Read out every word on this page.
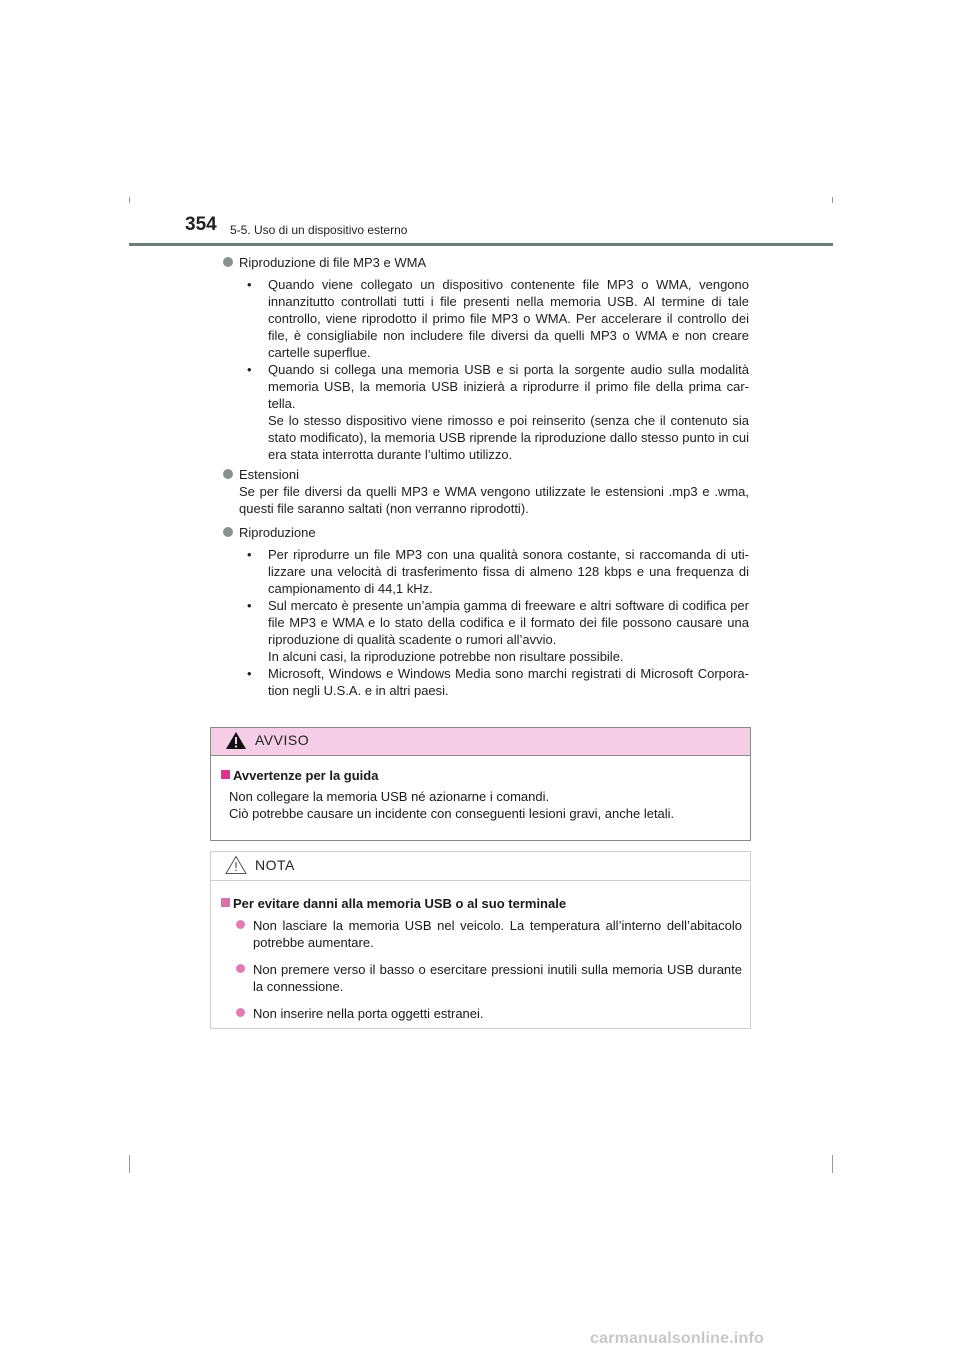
354 5-5. Uso di un dispositivo esterno
Riproduzione di file MP3 e WMA
• Quando viene collegato un dispositivo contenente file MP3 o WMA, vengono innanzitutto controllati tutti i file presenti nella memoria USB. Al termine di tale controllo, viene riprodotto il primo file MP3 o WMA. Per accelerare il controllo dei file, è consigliabile non includere file diversi da quelli MP3 o WMA e non creare cartelle superflue.
• Quando si collega una memoria USB e si porta la sorgente audio sulla modalità memoria USB, la memoria USB inizierà a riprodurre il primo file della prima car-tella.
Se lo stesso dispositivo viene rimosso e poi reinserito (senza che il contenuto sia stato modificato), la memoria USB riprende la riproduzione dallo stesso punto in cui era stata interrotta durante l’ultimo utilizzo.
Estensioni
Se per file diversi da quelli MP3 e WMA vengono utilizzate le estensioni .mp3 e .wma, questi file saranno saltati (non verranno riprodotti).
Riproduzione
• Per riprodurre un file MP3 con una qualità sonora costante, si raccomanda di uti-lizzare una velocità di trasferimento fissa di almeno 128 kbps e una frequenza di campionamento di 44,1 kHz.
• Sul mercato è presente un’ampia gamma di freeware e altri software di codifica per file MP3 e WMA e lo stato della codifica e il formato dei file possono causare una riproduzione di qualità scadente o rumori all’avvio.
In alcuni casi, la riproduzione potrebbe non risultare possibile.
• Microsoft, Windows e Windows Media sono marchi registrati di Microsoft Corpora-tion negli U.S.A. e in altri paesi.
AVVISO
Avvertenze per la guida
Non collegare la memoria USB né azionarne i comandi.
Ciò potrebbe causare un incidente con conseguenti lesioni gravi, anche letali.
NOTA
Per evitare danni alla memoria USB o al suo terminale
Non lasciare la memoria USB nel veicolo. La temperatura all’interno dell’abitacolo potrebbe aumentare.
Non premere verso il basso o esercitare pressioni inutili sulla memoria USB durante la connessione.
Non inserire nella porta oggetti estranei.
carmanualsonline.info
